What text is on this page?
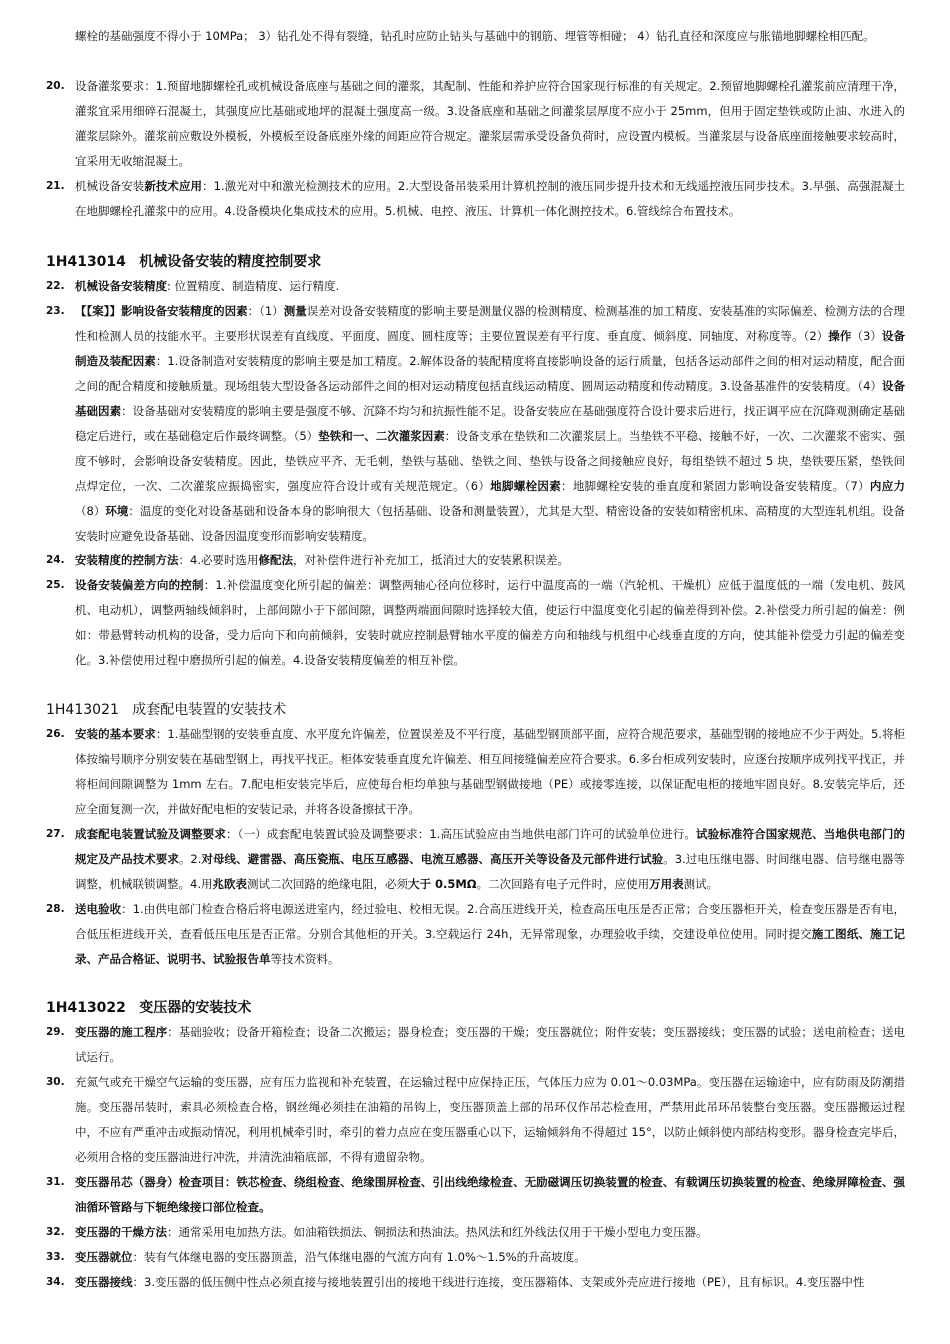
螺栓的基础强度不得小于 10MPa； 3）钻孔处不得有裂缝，钻孔时应防止钻头与基础中的钢筋、埋管等相碰； 4）钻孔直径和深度应与胀锚地脚螺栓相匹配。

20. 设备灌浆要求：1.预留地脚螺栓孔或机械设备底座与基础之间的灌浆，其配制、性能和养护应符合国家现行标准的有关规定。2.预留地脚螺栓孔灌浆前应清理干净，灌浆宜采用细碎石混凝土，其强度应比基础或地坪的混凝土强度高一级。3.设备底座和基础之间灌浆层厚度不应小于 25mm，但用于固定垫铁或防止油、水进入的灌浆层除外。灌浆前应敷设外模板，外模板至设备底座外缘的间距应符合规定。灌浆层需承受设备负荷时，应设置内模板。当灌浆层与设备底座面接触要求较高时，宜采用无收缩混凝土。

21. 机械设备安装新技术应用：1.激光对中和激光检测技术的应用。2.大型设备吊装采用计算机控制的液压同步提升技术和无线遥控液压同步技术。3.早强、高强混凝土在地脚螺栓孔灌浆中的应用。4.设备模块化集成技术的应用。5.机械、电控、液压、计算机一体化测控技术。6.管线综合布置技术。

1H413014 机械设备安装的精度控制要求
22. 机械设备安装精度: 位置精度、制造精度、运行精度.

23. 【【案】】影响设备安装精度的因素：（1）测量误差对设备安装精度的影响主要是测量仪器的检测精度、检测基准的加工精度、安装基准的实际偏差、检测方法的合理性和检测人员的技能水平。主要形状误差有直线度、平面度、圆度、圆柱度等；主要位置误差有平行度、垂直度、倾斜度、同轴度、对称度等。（2）操作（3）设备制造及装配因素：1.设备制造对安装精度的影响主要是加工精度。2.解体设备的装配精度将直接影响设备的运行质量，包括各运动部件之间的相对运动精度，配合面之间的配合精度和接触质量。现场组装大型设备各运动部件之间的相对运动精度包括直线运动精度、圆周运动精度和传动精度。3.设备基准件的安装精度。（4）设备基础因素：设备基础对安装精度的影响主要是强度不够、沉降不均匀和抗振性能不足。设备安装应在基础强度符合设计要求后进行，找正调平应在沉降观测确定基础稳定后进行，或在基础稳定后作最终调整。（5）垫铁和一、二次灌浆因素：设备支承在垫铁和二次灌浆层上。当垫铁不平稳、接触不好，一次、二次灌浆不密实、强度不够时，会影响设备安装精度。因此，垫铁应平齐、无毛刺，垫铁与基础、垫铁之间、垫铁与设备之间接触应良好，每组垫铁不超过 5 块，垫铁要压紧，垫铁间点焊定位，一次、二次灌浆应振捣密实，强度应符合设计或有关规范规定。（6）地脚螺栓因素：地脚螺栓安装的垂直度和紧固力影响设备安装精度。（7）内应力（8）环境：温度的变化对设备基础和设备本身的影响很大（包括基础、设备和测量装置），尤其是大型、精密设备的安装如精密机床、高精度的大型连轧机组。设备安装时应避免设备基础、设备因温度变形而影响安装精度。

24. 安装精度的控制方法：4.必要时选用修配法，对补偿件进行补充加工，抵消过大的安装累积误差。

25. 设备安装偏差方向的控制：1.补偿温度变化所引起的偏差：调整两轴心径向位移时，运行中温度高的一端（汽轮机、干燥机）应低于温度低的一端（发电机、鼓风机、电动机），调整两轴线倾斜时，上部间隙小于下部间隙，调整两端面间隙时选择较大值，使运行中温度变化引起的偏差得到补偿。2.补偿受力所引起的偏差：例如：带悬臂转动机构的设备，受力后向下和向前倾斜，安装时就应控制悬臂轴水平度的偏差方向和轴线与机组中心线垂直度的方向，使其能补偿受力引起的偏差变化。3.补偿使用过程中磨损所引起的偏差。4.设备安装精度偏差的相互补偿。

1H413021 成套配电装置的安装技术
26. 安装的基本要求：1.基础型钢的安装垂直度、水平度允许偏差，位置误差及不平行度，基础型钢顶部平面，应符合规范要求，基础型钢的接地应不少于两处。5.将柜体按编号顺序分别安装在基础型钢上，再找平找正。柜体安装垂直度允许偏差、相互间接缝偏差应符合要求。6.多台柜成列安装时，应逐台按顺序成列找平找正，并将柜间间隙调整为 1mm 左右。7.配电柜安装完毕后，应使每台柜均单独与基础型钢做接地（PE）或接零连接，以保证配电柜的接地牢固良好。8.安装完毕后，还应全面复测一次，并做好配电柜的安装记录，并将各设备擦拭干净。

27. 成套配电装置试验及调整要求：（一）成套配电装置试验及调整要求：1.高压试验应由当地供电部门许可的试验单位进行。试验标准符合国家规范、当地供电部门的规定及产品技术要求。2.对母线、避雷器、高压瓷瓶、电压互感器、电流互感器、高压开关等设备及元部件进行试验。3.过电压继电器、时间继电器、信号继电器等调整，机械联锁调整。4.用兆欧表测试二次回路的绝缘电阻，必须大于 0.5MΩ。二次回路有电子元件时，应使用万用表测试。

28. 送电验收：1.由供电部门检查合格后将电源送进室内，经过验电、校相无误。2.合高压进线开关，检查高压电压是否正常；合变压器柜开关，检查变压器是否有电，合低压柜进线开关，查看低压电压是否正常。分别合其他柜的开关。3.空载运行 24h，无异常现象，办理验收手续，交建设单位使用。同时提交施工图纸、施工记录、产品合格证、说明书、试验报告单等技术资料。

1H413022 变压器的安装技术
29. 变压器的施工程序：基础验收；设备开箱检查；设备二次搬运；器身检查；变压器的干燥；变压器就位；附件安装；变压器接线；变压器的试验；送电前检查；送电试运行。

30. 充氮气或充干燥空气运输的变压器，应有压力监视和补充装置，在运输过程中应保持正压，气体压力应为 0.01～0.03MPa。变压器在运输途中，应有防雨及防潮措施。变压器吊装时，索具必须检查合格，钢丝绳必须挂在油箱的吊钩上，变压器顶盖上部的吊环仅作吊芯检查用，严禁用此吊环吊装整台变压器。变压器搬运过程中，不应有严重冲击或振动情况，利用机械牵引时，牵引的着力点应在变压器重心以下，运输倾斜角不得超过 15°，以防止倾斜使内部结构变形。器身检查完毕后，必须用合格的变压器油进行冲洗，并清洗油箱底部，不得有遗留杂物。

31. 变压器吊芯（器身）检查项目：铁芯检查、绕组检查、绝缘围屏检查、引出线绝缘检查、无励磁调压切换装置的检查、有载调压切换装置的检查、绝缘屏障检查、强油循环管路与下轭绝缘接口部位检查。

32. 变压器的干燥方法：通常采用电加热方法。如油箱铁损法、铜损法和热油法。热风法和红外线法仅用于干燥小型电力变压器。

33. 变压器就位：装有气体继电器的变压器顶盖，沿气体继电器的气流方向有 1.0%～1.5%的升高坡度。

34. 变压器接线：3.变压器的低压侧中性点必须直接与接地装置引出的接地干线进行连接，变压器箱体、支架或外壳应进行接地（PE），且有标识。4.变压器中性
